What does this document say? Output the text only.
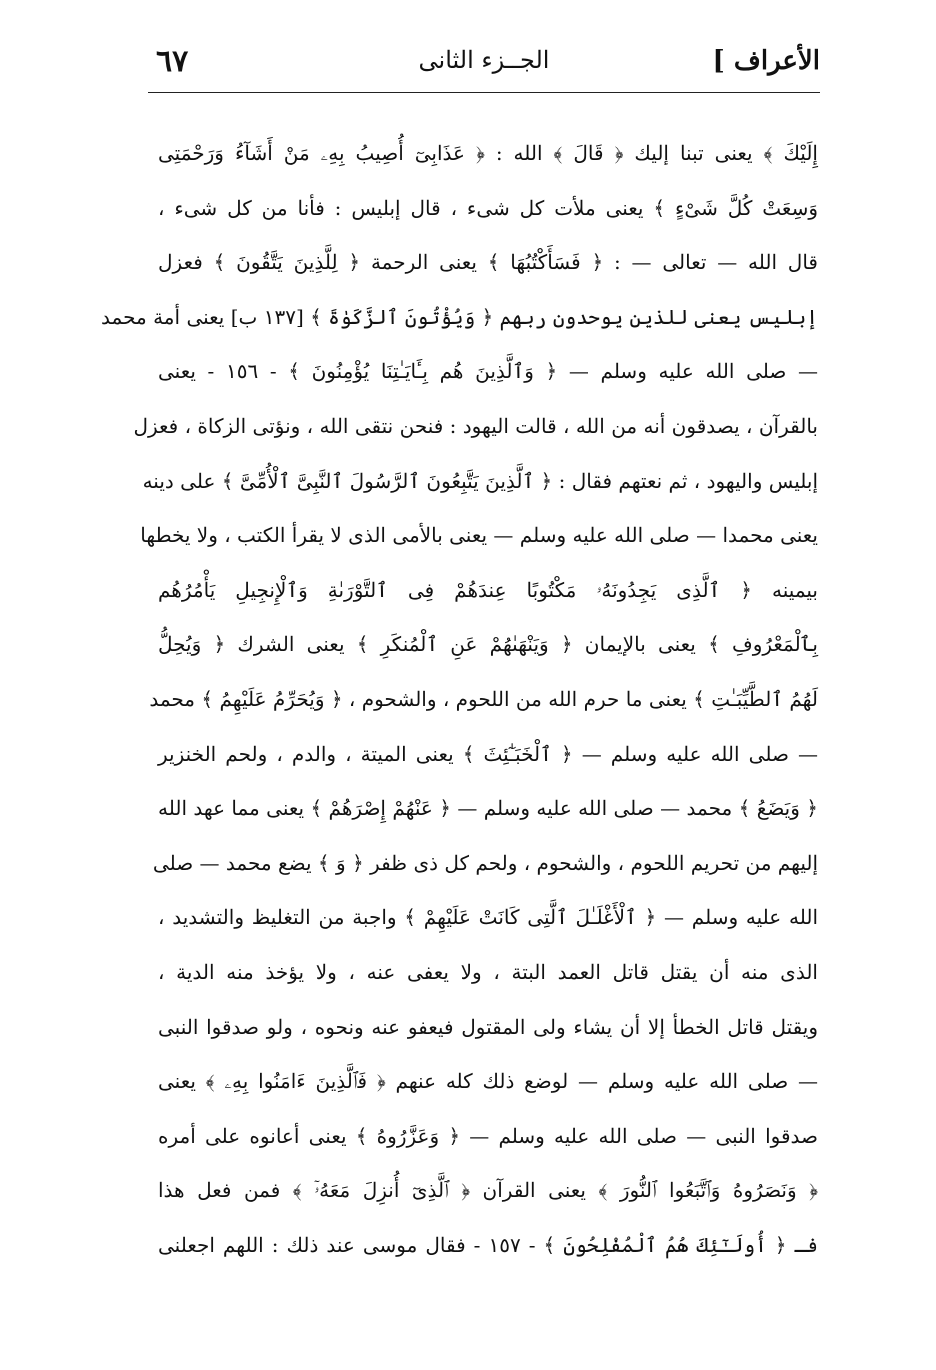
الأعراف ]
الجــزء الثانى
٦٧
إِلَيْكَ ﴾ يعنى تبنا إليك ﴿ قَالَ ﴾ الله : ﴿ عَذَابِىٓ أُصِيبُ بِهِۦ مَنْ أَشَآءُ وَرَحْمَتِى
وَسِعَتْ كُلَّ شَىْءٍ ﴾ يعنى ملأت كل شىء ، قال إبليس : فأنا من كل شىء ،
قال الله — تعالى — : ﴿ فَسَأَكْتُبُهَا ﴾ يعنى الرحمة ﴿ لِلَّذِينَ يَتَّقُونَ ﴾ فعزل
إبليس يعنى للذين يوحدون ربهم ﴿ وَيُؤْتُونَ ٱلزَّكَوٰةَ ﴾ [١٣٧ ب] يعنى أمة محمد
— صلى الله عليه وسلم — ﴿ وَٱلَّذِينَ هُم بِـَٔايَـٰتِنَا يُؤْمِنُونَ ﴾ - ١٥٦ - يعنى
بالقرآن ، يصدقون أنه من الله ، قالت اليهود : فنحن نتقى الله ، ونؤتى الزكاة ، فعزل
إبليس واليهود ، ثم نعتهم فقال : ﴿ ٱلَّذِينَ يَتَّبِعُونَ ٱلرَّسُولَ ٱلنَّبِىَّ ٱلْأُمِّىَّ ﴾ على دينه
يعنى محمدا — صلى الله عليه وسلم — يعنى بالأمى الذى لا يقرأ الكتب ، ولا يخطها
بيمينه ﴿ ٱلَّذِى يَجِدُونَهُۥ مَكْتُوبًا عِندَهُمْ فِى ٱلتَّوْرَىٰةِ وَٱلْإِنجِيلِ يَأْمُرُهُم
بِٱلْمَعْرُوفِ ﴾ يعنى بالإيمان ﴿ وَيَنْهَىٰهُمْ عَنِ ٱلْمُنكَرِ ﴾ يعنى الشرك ﴿ وَيُحِلُّ
لَهُمُ ٱلطَّيِّبَـٰتِ ﴾ يعنى ما حرم الله من اللحوم ، والشحوم ، ﴿ وَيُحَرِّمُ عَلَيْهِمُ ﴾ محمد
— صلى الله عليه وسلم — ﴿ ٱلْخَبَـٰٓئِثَ ﴾ يعنى الميتة ، والدم ، ولحم الخنزير
﴿ وَيَضَعُ ﴾ محمد — صلى الله عليه وسلم — ﴿ عَنْهُمْ إِصْرَهُمْ ﴾ يعنى مما عهد الله
إليهم من تحريم اللحوم ، والشحوم ، ولحم كل ذى ظفر ﴿ وَ ﴾ يضع محمد — صلى
الله عليه وسلم — ﴿ ٱلْأَغْلَـٰلَ ٱلَّتِى كَانَتْ عَلَيْهِمْ ﴾ واجبة من التغليظ والتشديد ،
الذى منه أن يقتل قاتل العمد البتة ، ولا يعفى عنه ، ولا يؤخذ منه الدية ،
ويقتل قاتل الخطأ إلا أن يشاء ولى المقتول فيعفو عنه ونحوه ، ولو صدقوا النبى
— صلى الله عليه وسلم — لوضع ذلك كله عنهم ﴿ فَٱلَّذِينَ ءَامَنُوا بِهِۦ ﴾ يعنى
صدقوا النبى — صلى الله عليه وسلم — ﴿ وَعَزَّرُوهُ ﴾ يعنى أعانوه على أمره
﴿ وَنَصَرُوهُ وَٱتَّبَعُوا ٱلنُّورَ ﴾ يعنى القرآن ﴿ ٱلَّذِىٓ أُنزِلَ مَعَهُۥٓ ﴾ فمن فعل هذا
فـ ﴿ أُولَـٰٓئِكَ هُمُ ٱلْمُفْلِحُونَ ﴾ - ١٥٧ - فقال موسى عند ذلك : اللهم اجعلنى
